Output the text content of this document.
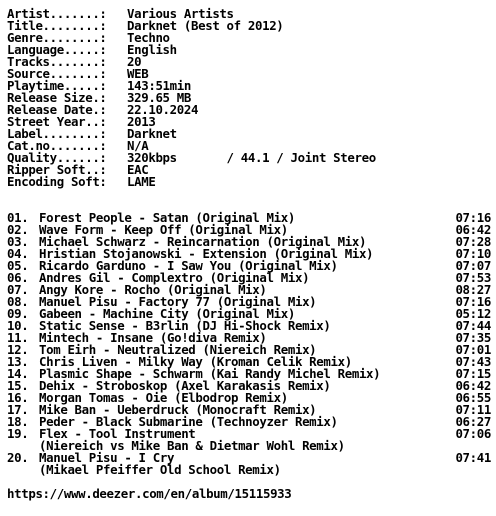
Artist.......:	Various Artists
Title........:	Darknet (Best of 2012)
Genre........:	Techno
Language.....:	English
Tracks.......:	20
Source.......:	WEB
Playtime.....:	143:51min
Release Size.:	329.65 MB
Release Date.:	22.10.2024
Street Year..:	2013
Label........:	Darknet
Cat.no.......:	N/A
Quality......:	320kbps       / 44.1 / Joint Stereo
Ripper Soft..:	EAC
Encoding Soft:	LAME
01. Forest People - Satan (Original Mix)	07:16
02. Wave Form - Keep Off (Original Mix)	06:42
03. Michael Schwarz - Reincarnation (Original Mix)	07:28
04. Hristian Stojanowski - Extension (Original Mix)	07:10
05. Ricardo Garduno - I Saw You (Original Mix)	07:07
06. Andres Gil - Complextro (Original Mix)	07:53
07. Angy Kore - Rocho (Original Mix)	08:27
08. Manuel Pisu - Factory 77 (Original Mix)	07:16
09. Gabeen - Machine City (Original Mix)	05:12
10. Static Sense - B3rlin (DJ Hi-Shock Remix)	07:44
11. Mintech - Insane (Go!diva Remix)	07:35
12. Tom Eirh - Neutralized (Niereich Remix)	07:01
13. Chris Liven - Milky Way (Kroman Celik Remix)	07:43
14. Plasmic Shape - Schwarm (Kai Randy Michel Remix)	07:15
15. Dehix - Stroboskop (Axel Karakasis Remix)	06:42
16. Morgan Tomas - Oie (Elbodrop Remix)	06:55
17. Mike Ban - Ueberdruck (Monocraft Remix)	07:11
18. Peder - Black Submarine (Technoyzer Remix)	06:27
19. Flex - Tool Instrument	07:06
(Niereich vs Mike Ban & Dietmar Wohl Remix)
20. Manuel Pisu - I Cry	07:41
(Mikael Pfeiffer Old School Remix)
https://www.deezer.com/en/album/15115933
